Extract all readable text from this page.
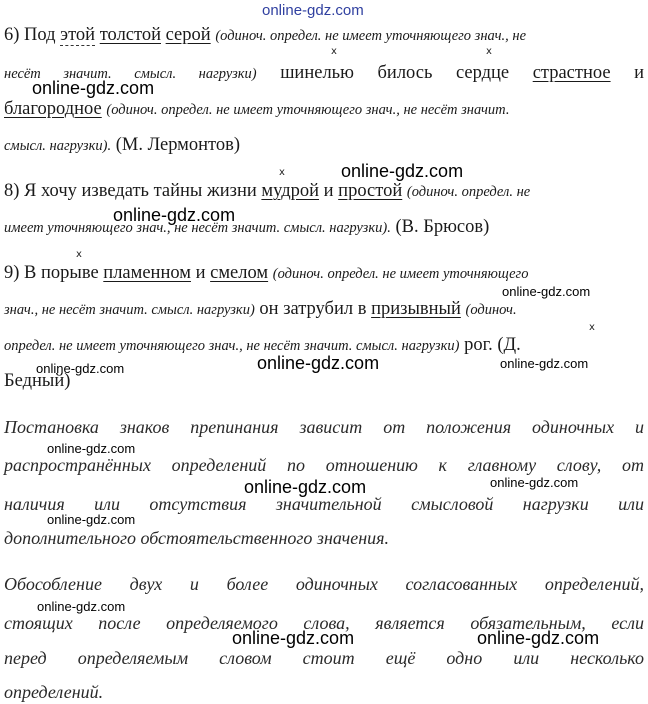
online-gdz.com
x	x
6) Под этой толстой серой (одиноч. определ. не имеет уточняющего знач., не
несёт значит. смысл. нагрузки) шинелью билось сердце страстное и
благородное (одиноч. определ. не имеет уточняющего знач., не несёт значит.
смысл. нагрузки). (М. Лермонтов)
x
8) Я хочу изведать тайны жизни мудрой и простой (одиноч. определ. не
имеет уточняющего знач., не несёт значит. смысл. нагрузки). (В. Брюсов)
x
x
9) В порыве пламенном и смелом (одиноч. определ. не имеет уточняющего
знач., не несёт значит. смысл. нагрузки) он затрубил в призывный (одиноч.
определ. не имеет уточняющего знач., не несёт значит. смысл. нагрузки) рог. (Д.
Бедный)
Постановка знаков препинания зависит от положения одиночных и
распространённых определений по отношению к главному слову, от
наличия или отсутствия значительной смысловой нагрузки или
дополнительного обстоятельственного значения.
Обособление двух и более одиночных согласованных определений,
стоящих после определяемого слова, является обязательным, если
перед определяемым словом стоит ещё одно или несколько
определений.
online-gdz.com
online-gdz.com
online-gdz.com
online-gdz.com
online-gdz.com	online-gdz.com
online-gdz.com
online-gdz.com
online-gdz.com
online-gdz.com
online-gdz.com
online-gdz.com
online-gdz.com	online-gdz.com
